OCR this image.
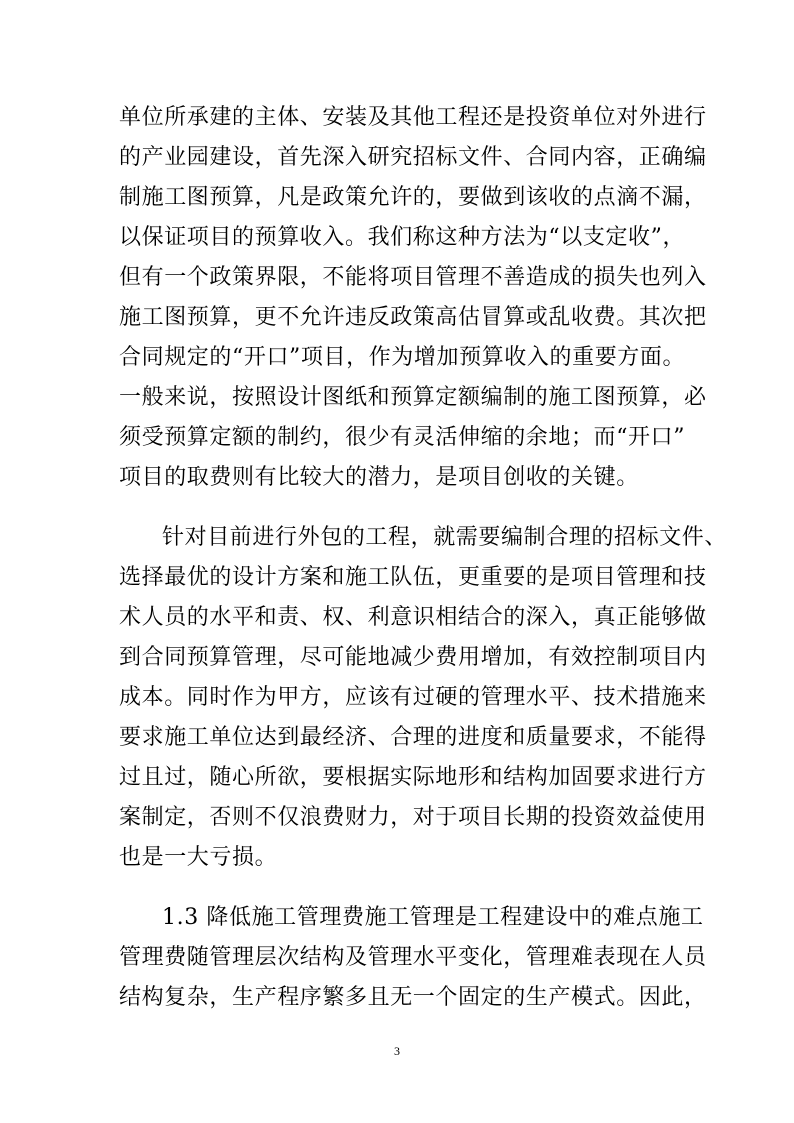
单位所承建的主体、安装及其他工程还是投资单位对外进行
的产业园建设，首先深入研究招标文件、合同内容，正确编
制施工图预算，凡是政策允许的，要做到该收的点滴不漏，
以保证项目的预算收入。我们称这种方法为“以支定收”，
但有一个政策界限，不能将项目管理不善造成的损失也列入
施工图预算，更不允许违反政策高估冒算或乱收费。其次把
合同规定的“开口”项目，作为增加预算收入的重要方面。
一般来说，按照设计图纸和预算定额编制的施工图预算，必
须受预算定额的制约，很少有灵活伸缩的余地；而“开口”
项目的取费则有比较大的潜力，是项目创收的关键。
针对目前进行外包的工程，就需要编制合理的招标文件、
选择最优的设计方案和施工队伍，更重要的是项目管理和技
术人员的水平和责、权、利意识相结合的深入，真正能够做
到合同预算管理，尽可能地减少费用增加，有效控制项目内
成本。同时作为甲方，应该有过硬的管理水平、技术措施来
要求施工单位达到最经济、合理的进度和质量要求，不能得
过且过，随心所欲，要根据实际地形和结构加固要求进行方
案制定，否则不仅浪费财力，对于项目长期的投资效益使用
也是一大亏损。
1.3 降低施工管理费施工管理是工程建设中的难点施工
管理费随管理层次结构及管理水平变化，管理难表现在人员
结构复杂，生产程序繁多且无一个固定的生产模式。因此，
3
